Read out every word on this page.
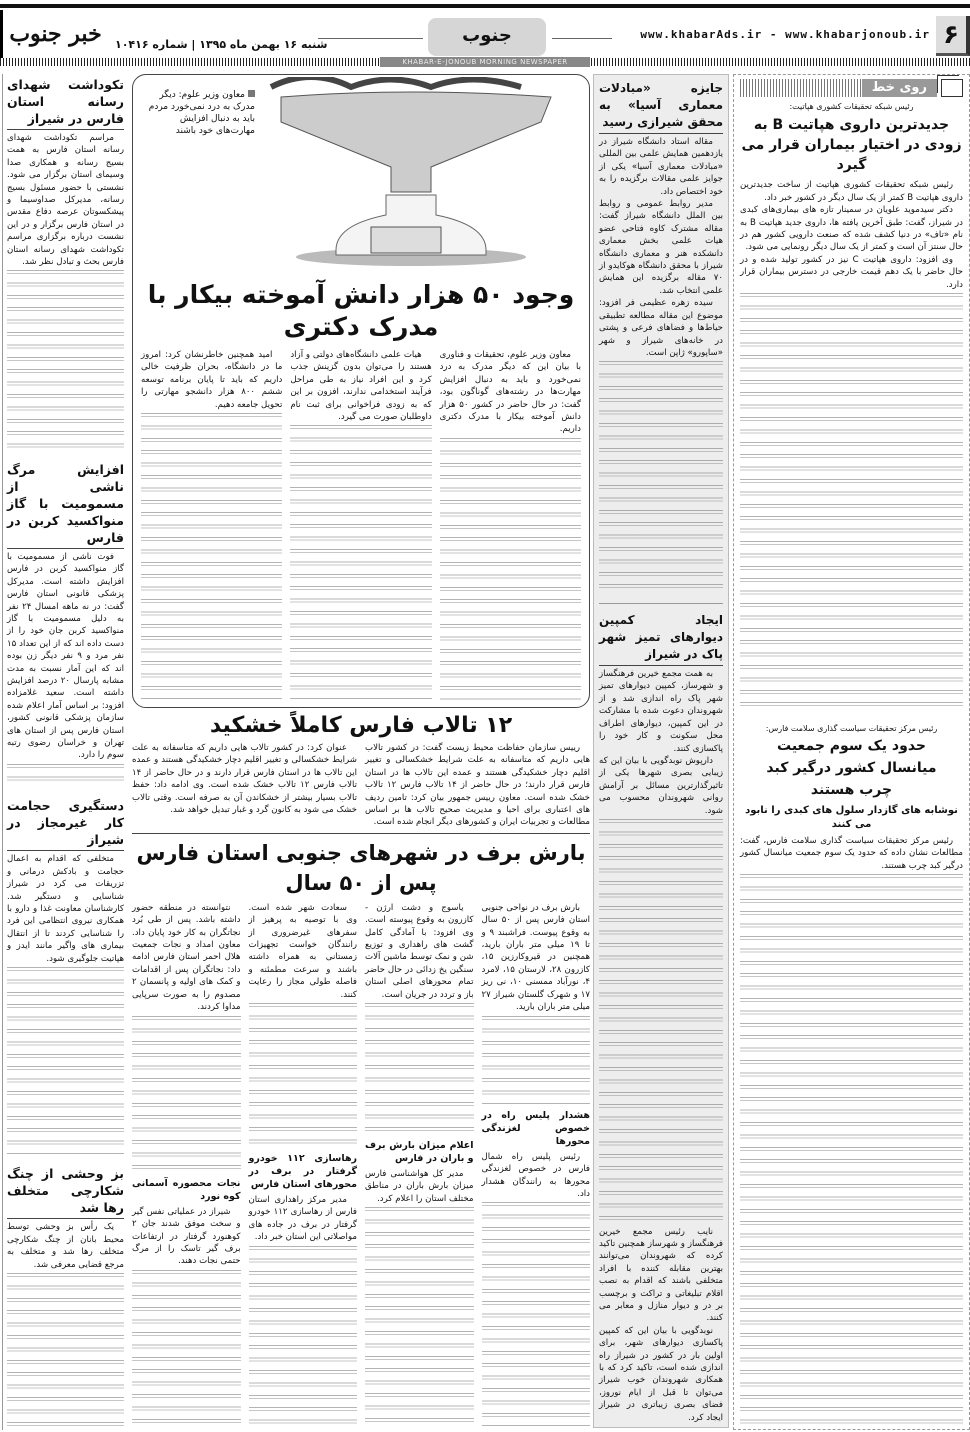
۶
www.khabarAds.ir - www.khabarjonoub.ir
جنوب
شنبه ۱۶ بهمن ماه ۱۳۹۵ | شماره ۱۰۴۱۶
خبر جنوب
KHABAR-E-JONOUB MORNING NEWSPAPER
روی خط
رئیس شبکه تحقیقات کشوری هپاتیت:
جدیدترین داروی هپاتیت B به زودی در اختیار بیماران قرار می گیرد

رئیس شبکه تحقیقات کشوری هپاتیت از ساخت جدیدترین داروی هپاتیت B کمتر از یک سال دیگر در کشور خبر داد.

دکتر سیدموید علویان در سمینار تازه های بیماری‌های کبدی در شیراز، گفت: طبق آخرین یافته ها، داروی جدید هپاتیت B به نام «تاف» در دنیا کشف شده که صنعت دارویی کشور هم در حال سنتز آن است و کمتر از یک سال دیگر رونمایی می شود.

وی افزود: داروی هپاتیت C نیز در کشور تولید شده و در حال حاضر با یک دهم قیمت خارجی در دسترس بیماران قرار دارد.

رئیس مرکز تحقیقات سیاست گذاری سلامت فارس:
حدود یک سوم جمعیت میانسال کشور درگیر کبد چرب هستند
نوشابه های گازدار سلول های کبدی را نابود می کنند

رئیس مرکز تحقیقات سیاست گذاری سلامت فارس، گفت: مطالعات نشان داده که حدود یک سوم جمعیت میانسال کشور درگیر کبد چرب هستند.

جایزه «مبادلات معماری آسیا» به محقق شیرازی رسید

مقاله استاد دانشگاه شیراز در یازدهمین همایش علمی بین المللی «مبادلات معماری آسیا» یکی از جوایز علمی مقالات برگزیده را به خود اختصاص داد.

مدیر روابط عمومی و روابط بین الملل دانشگاه شیراز گفت: مقاله مشترک کاوه فتاحی عضو هیات علمی بخش معماری دانشکده هنر و معماری دانشگاه شیراز با محقق دانشگاه هوکایدو از ۷۰ مقاله برگزیده این همایش علمی انتخاب شد.

سیده زهره عظیمی فر افزود: موضوع این مقاله مطالعه تطبیقی حیاط‌ها و فضاهای فرعی و پشتی در خانه‌های شیراز و شهر «ساپورو» ژاپن است.

ایجاد کمپین دیوارهای تمیز شهر پاک در شیراز

به همت مجمع خیرین فرهنگساز و شهرساز، کمپین دیوارهای تمیز شهر پاک راه اندازی شد و از شهروندان دعوت شده با مشارکت در این کمپین، دیوارهای اطراف محل سکونت و کار خود را پاکسازی کنند.

دارپوش نوبدگویی با بیان این که زیبایی بصری شهرها یکی از تاثیرگذارترین مسائل بر آرامش روانی شهروندان محسوب می شود.

نایب رئیس مجمع خیرین فرهنگساز و شهرساز همچنین تاکید کرده که شهروندان می‌توانند بهترین مقابله کننده با افراد متخلفی باشند که اقدام به نصب اقلام تبلیغاتی و تراکت و برچسب بر در و دیوار منازل و معابر می کنند.

نوبدگویی با بیان این که کمپین پاکسازی دیوارهای شهر، برای اولین بار در کشور در شیراز راه اندازی شده است، تاکید کرد که با همکاری شهروندان خوب شیراز می‌توان تا قبل از ایام نوروز، فضای بصری زیباتری در شیراز ایجاد کرد.

معاون وزیر علوم: دیگر مدرک به درد نمی‌خورد مردم باید به دنبال افزایش مهارت‌های خود باشند
وجود ۵۰ هزار دانش آموخته بیکار با مدرک دکتری

معاون وزیر علوم، تحقیقات و فناوری با بیان این که دیگر مدرک به درد نمی‌خورد و باید به دنبال افزایش مهارت‌ها در رشته‌های گوناگون بود، گفت: در حال حاضر در کشور ۵۰ هزار دانش آموخته بیکار با مدرک دکتری داریم.

هیات علمی دانشگاه‌های دولتی و آزاد هستند را می‌توان بدون گزینش جذب کرد و این افراد نیاز به طی مراحل فرآیند استخدامی ندارند، افزون بر این که به زودی فراخوانی برای ثبت نام داوطلبان صورت می گیرد.

امید همچنین خاطرنشان کرد: امروز ما در دانشگاه، بحران ظرفیت خالی داریم که باید تا پایان برنامه توسعه ششم ۸۰۰ هزار دانشجو مهارتی را تحویل جامعه دهیم.

۱۲ تالاب فارس کاملاً خشکید

رییس سازمان حفاظت محیط زیست گفت: در کشور تالاب هایی داریم که متاسفانه به علت شرایط خشکسالی و تغییر اقلیم دچار خشکیدگی هستند و عمده این تالاب ها در استان فارس قرار دارند؛ در حال حاضر از ۱۴ تالاب فارس ۱۲ تالاب خشک شده است. معاون رییس جمهور بیان کرد: تامین ردیف های اعتباری برای احیا و مدیریت صحیح تالاب ها بر اساس مطالعات و تجربیات ایران و کشورهای دیگر انجام شده است.

عنوان کرد: در کشور تالاب هایی داریم که متاسفانه به علت شرایط خشکسالی و تغییر اقلیم دچار خشکیدگی هستند و عمده این تالاب ها در استان فارس قرار دارند و در حال حاضر از ۱۴ تالاب فارس ۱۲ تالاب خشک شده است. وی ادامه داد: حفظ تالاب بسیار بیشتر از خشکاندن آن به صرفه است. وقتی تالاب خشک می شود به کانون گرد و غبار تبدیل خواهد شد.

بارش برف در شهرهای جنوبی استان فارس پس از ۵۰ سال

بارش برف در نواحی جنوبی استان فارس پس از ۵۰ سال به وقوع پیوست. فراشبند ۹ و تا ۱۹ میلی متر باران بارید، همچنین در قیروکارزین ۱۵، کازرون ۲۸، لارستان ۱۵، لامرد ۴، نورآباد ممسنی ۱۰، نی ریز ۱۷ و شهرک گلستان شیراز ۲۷ میلی متر باران بارید.

هشدار پلیس راه در خصوص لغزندگی محورها

رئیس پلیس راه شمال فارس در خصوص لغزندگی محورها به رانندگان هشدار داد.

یاسوج و دشت ارژن - کازرون به وقوع پیوسته است. وی افزود: با آمادگی کامل گشت های راهداری و توزیع شن و نمک توسط ماشین آلات سنگین یخ زدائی در حال حاضر تمام محورهای اصلی استان باز و تردد در جریان است.

اعلام میزان بارش برف و باران در فارس

مدیر کل هواشناسی فارس میزان بارش باران در مناطق مختلف استان را اعلام کرد.

سعادت شهر شده است. وی با توصیه به پرهیز از سفرهای غیرضروری از رانندگان خواست تجهیزات زمستانی به همراه داشته باشند و سرعت مطمئنه و فاصله طولی مجاز را رعایت کنند.

رهاسازی ۱۱۲ خودرو گرفتار در برف در محورهای استان فارس

مدیر مرکز راهداری استان فارس از رهاسازی ۱۱۲ خودرو گرفتار در برف در جاده های مواصلاتی این استان خبر داد.

نتوانسته در منطقه حضور داشته باشد. پس از طی بُرد نجاتگران به کار خود پایان داد. معاون امداد و نجات جمعیت هلال احمر استان فارس ادامه داد: نجاتگران پس از اقدامات و کمک های اولیه و پانسمان ۲ مصدوم را به صورت سرپایی مداوا کردند.

نجات محصوره آسمانی کوه نورد

شیراز در عملیاتی نفس گیر و سخت موفق شدند جان ۲ کوهنورد گرفتار در ارتفاعات برف گیر تاسک را از مرگ حتمی نجات دهند.

تکوداشت شهدای رسانه استان فارس در شیراز

مراسم تکوداشت شهدای رسانه استان فارس به همت بسیج رسانه و همکاری صدا وسیمای استان برگزار می شود. نشستی با حضور مسئول بسیج رسانه، مدیرکل صداوسیما و پیشکسوتان عرصه دفاع مقدس در استان فارس برگزار و در این نشست درباره برگزاری مراسم تکوداشت شهدای رسانه استان فارس بحث و تبادل نظر شد.

افزایش مرگ ناشی از مسمومیت با گاز منواکسید کربن در فارس

فوت ناشی از مسمومیت با گاز منواکسید کربن در فارس افزایش داشته است. مدیرکل پزشکی قانونی استان فارس گفت: در نه ماهه امسال ۲۴ نفر به دلیل مسمومیت با گاز منواکسید کربن جان خود را از دست داده اند که از این تعداد ۱۵ نفر مرد و ۹ نفر دیگر زن بوده اند که این آمار نسبت به مدت مشابه پارسال ۲۰ درصد افزایش داشته است. سعید غلامزاده افزود: بر اساس آمار اعلام شده سازمان پزشکی قانونی کشور، استان فارس پس از استان های تهران و خراسان رضوی رتبه سوم را دارد.

دستگیری حجامت کار غیرمجاز در شیراز

متخلفی که اقدام به اعمال حجامت و بادکش درمانی و تزریقات می کرد در شیراز شناسایی و دستگیر شد. کارشناسان معاونت غذا و دارو با همکاری نیروی انتظامی این فرد را شناسایی کردند تا از انتقال بیماری های واگیر مانند ایدز و هپاتیت جلوگیری شود.

بز وحشی از چنگ شکارچی متخلف رها شد

یک رأس بز وحشی توسط محیط بانان از چنگ شکارچی متخلف رها شد و متخلف به مرجع قضایی معرفی شد.
